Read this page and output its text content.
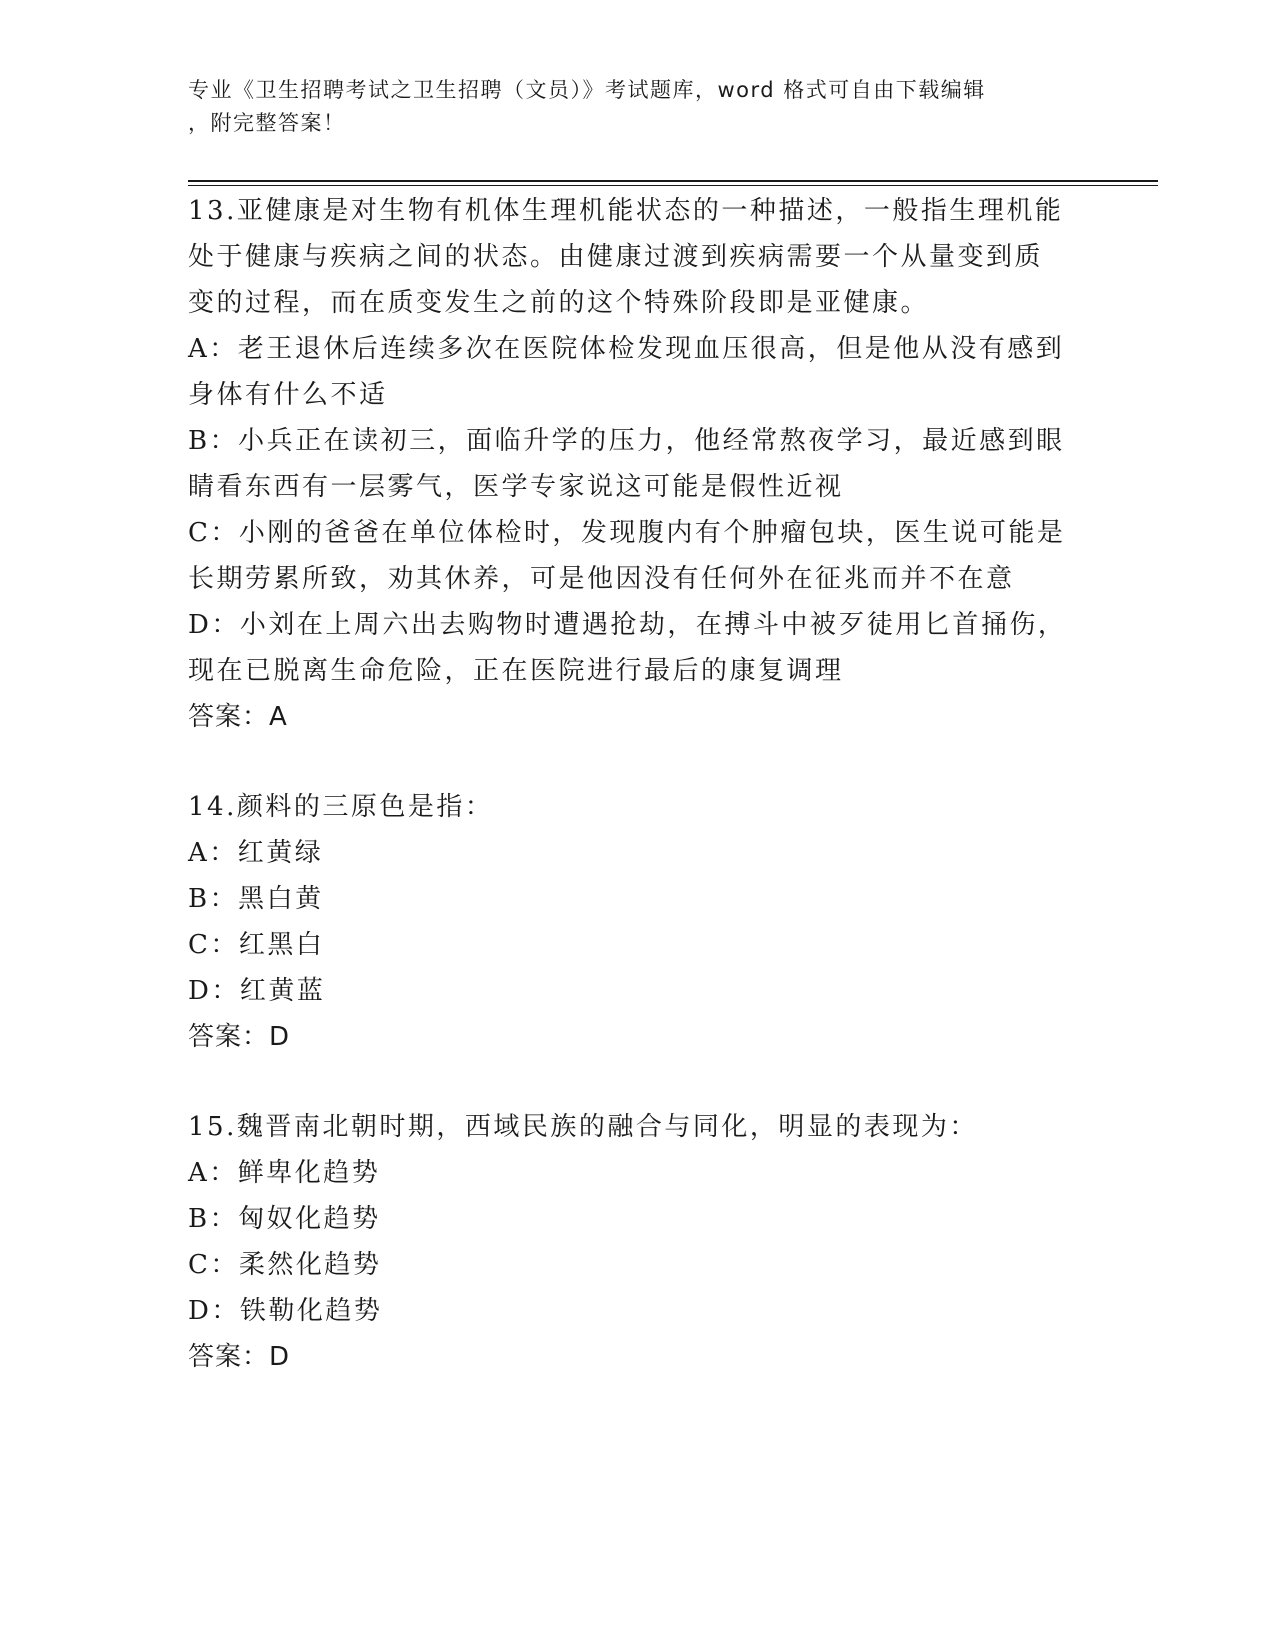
专业《卫生招聘考试之卫生招聘（文员）》考试题库，word 格式可自由下载编辑
，附完整答案！
13.亚健康是对生物有机体生理机能状态的一种描述，一般指生理机能
处于健康与疾病之间的状态。由健康过渡到疾病需要一个从量变到质
变的过程，而在质变发生之前的这个特殊阶段即是亚健康。
A：老王退休后连续多次在医院体检发现血压很高，但是他从没有感到
身体有什么不适
B：小兵正在读初三，面临升学的压力，他经常熬夜学习，最近感到眼
睛看东西有一层雾气，医学专家说这可能是假性近视
C：小刚的爸爸在单位体检时，发现腹内有个肿瘤包块，医生说可能是
长期劳累所致，劝其休养，可是他因没有任何外在征兆而并不在意
D：小刘在上周六出去购物时遭遇抢劫，在搏斗中被歹徒用匕首捅伤，
现在已脱离生命危险，正在医院进行最后的康复调理
答案：A
14.颜料的三原色是指：
A：红黄绿
B：黑白黄
C：红黑白
D：红黄蓝
答案：D
15.魏晋南北朝时期，西域民族的融合与同化，明显的表现为：
A：鲜卑化趋势
B：匈奴化趋势
C：柔然化趋势
D：铁勒化趋势
答案：D
